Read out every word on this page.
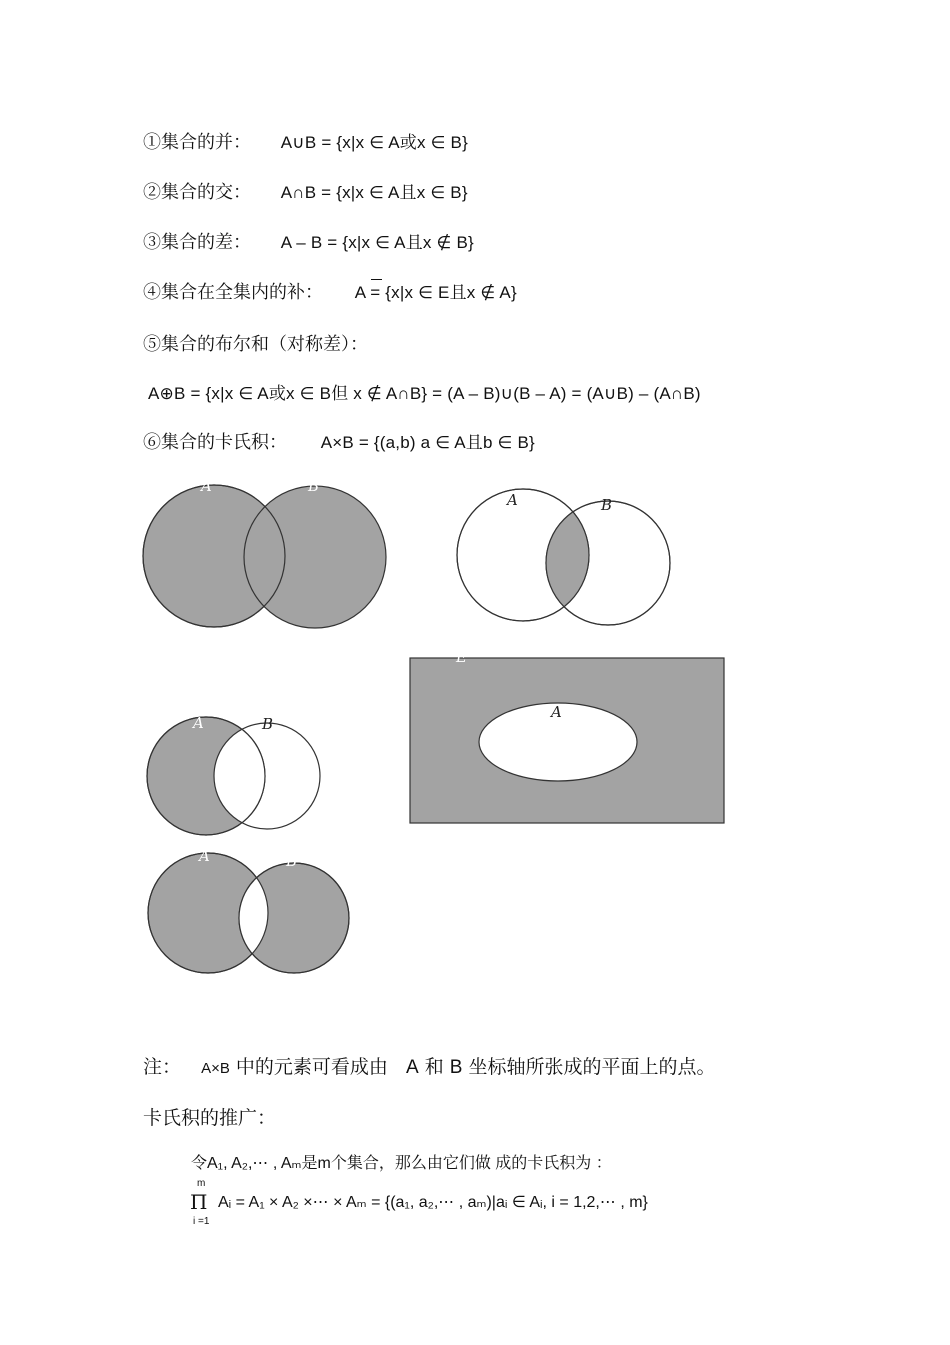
①集合的并： A∪B = {x|x ∈ A或x ∈ B}
②集合的交： A∩B = {x|x ∈ A且x ∈ B}
③集合的差： A – B = {x|x ∈ A且x ∉ B}
④集合在全集内的补： A = {x|x ∈ E且x ∉ A}
⑤集合的布尔和（对称差）：
A⊕B = {x|x ∈ A或x ∈ B但 x ∉ A∩B} = (A – B)∪(B – A) = (A∪B) – (A∩B)
⑥集合的卡氏积： A×B = {(a,b) a ∈ A且b ∈ B}
A	B
A	B
E
A
A	B
A	B
注： A×B 中的元素可看成由 A 和 B 坐标轴所张成的平面上的点。
卡氏积的推广：
令A₁, A₂,⋯ , Aₘ是m个集合，那么由它们做 成的卡氏积为 ：
m
Π
i =1
Aᵢ = A₁ × A₂ ×⋯ × Aₘ = {(a₁, a₂,⋯ , aₘ)|aᵢ ∈ Aᵢ, i = 1,2,⋯ , m}
